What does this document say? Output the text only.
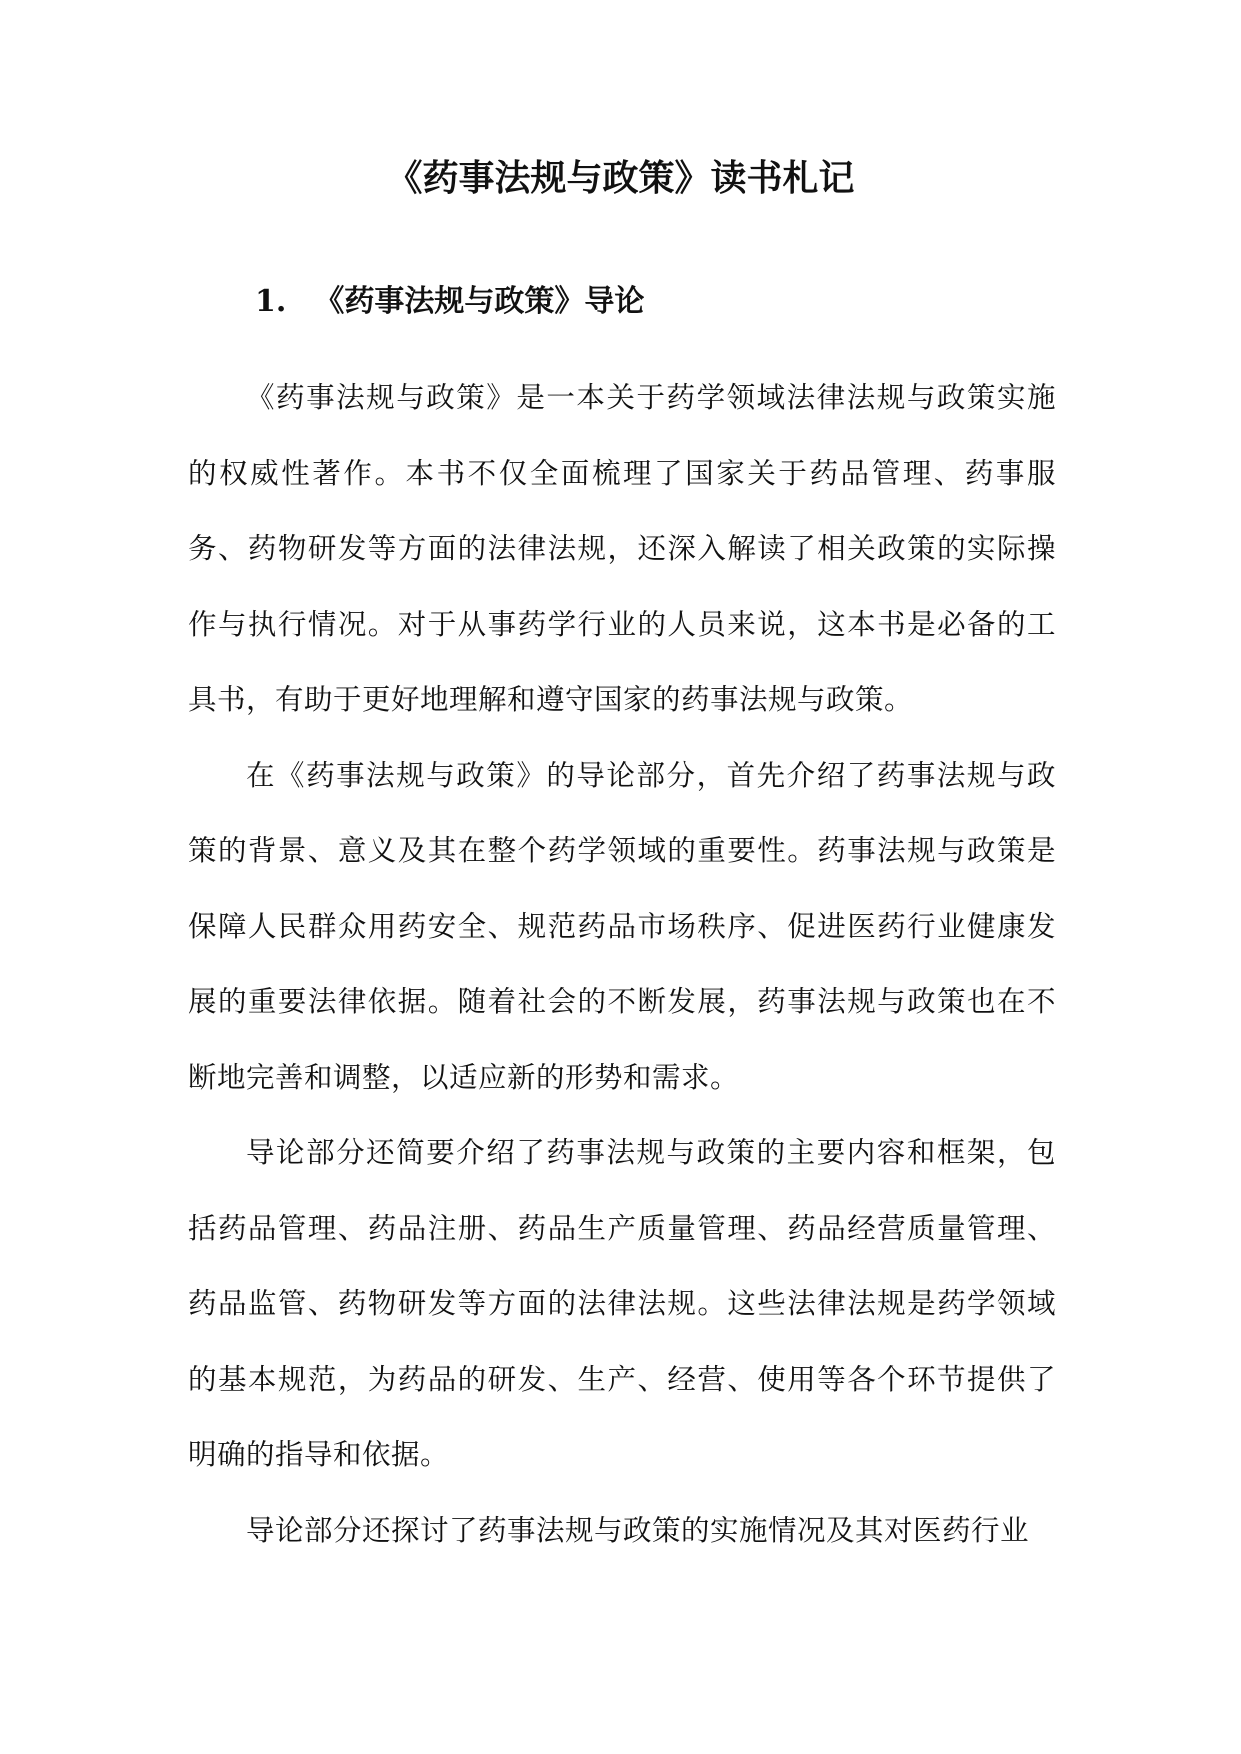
《药事法规与政策》读书札记
1. 《药事法规与政策》导论

《药事法规与政策》是一本关于药学领域法律法规与政策实施的权威性著作。本书不仅全面梳理了国家关于药品管理、药事服务、药物研发等方面的法律法规，还深入解读了相关政策的实际操作与执行情况。对于从事药学行业的人员来说，这本书是必备的工具书，有助于更好地理解和遵守国家的药事法规与政策。

在《药事法规与政策》的导论部分，首先介绍了药事法规与政策的背景、意义及其在整个药学领域的重要性。药事法规与政策是保障人民群众用药安全、规范药品市场秩序、促进医药行业健康发展的重要法律依据。随着社会的不断发展，药事法规与政策也在不断地完善和调整，以适应新的形势和需求。

导论部分还简要介绍了药事法规与政策的主要内容和框架，包括药品管理、药品注册、药品生产质量管理、药品经营质量管理、药品监管、药物研发等方面的法律法规。这些法律法规是药学领域的基本规范，为药品的研发、生产、经营、使用等各个环节提供了明确的指导和依据。

导论部分还探讨了药事法规与政策的实施情况及其对医药行业
